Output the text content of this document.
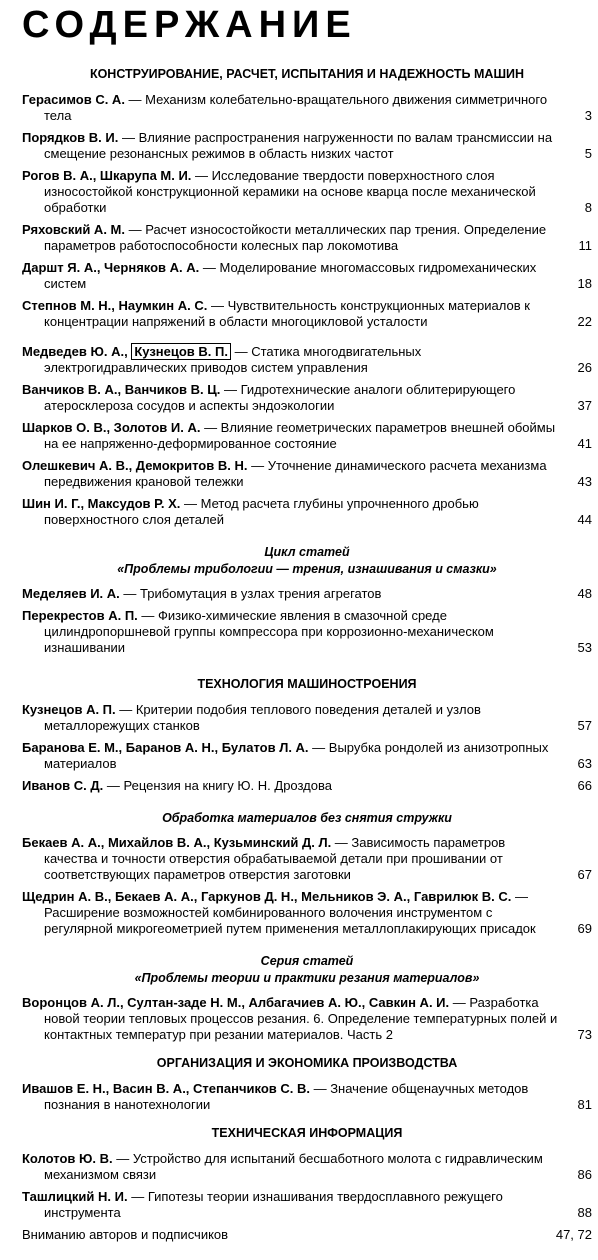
СОДЕРЖАНИЕ
КОНСТРУИРОВАНИЕ, РАСЧЕТ, ИСПЫТАНИЯ И НАДЕЖНОСТЬ МАШИН
Герасимов С. А. — Механизм колебательно-вращательного движения симметричного тела	3
Порядков В. И. — Влияние распространения нагруженности по валам трансмиссии на смещение резонансных режимов в область низких частот	5
Рогов В. А., Шкарупа М. И. — Исследование твердости поверхностного слоя износостойкой конструкционной керамики на основе кварца после механической обработки	8
Ряховский А. М. — Расчет износостойкости металлических пар трения. Определение параметров работоспособности колесных пар локомотива	11
Даршт Я. А., Черняков А. А. — Моделирование многомассовых гидромеханических систем	18
Степнов М. Н., Наумкин А. С. — Чувствительность конструкционных материалов к концентрации напряжений в области многоцикловой усталости	22
Медведев Ю. А., Кузнецов В. П. — Статика многодвигательных электрогидравлических приводов систем управления	26
Ванчиков В. А., Ванчиков В. Ц. — Гидротехнические аналоги облитерирующего атеросклероза сосудов и аспекты эндоэкологии	37
Шарков О. В., Золотов И. А. — Влияние геометрических параметров внешней обоймы на ее напряженно-деформированное состояние	41
Олешкевич А. В., Демокритов В. Н. — Уточнение динамического расчета механизма передвижения крановой тележки	43
Шин И. Г., Максудов Р. Х. — Метод расчета глубины упрочненного дробью поверхностного слоя деталей	44
Цикл статей
«Проблемы трибологии — трения, изнашивания и смазки»
Меделяев И. А. — Трибомутация в узлах трения агрегатов	48
Перекрестов А. П. — Физико-химические явления в смазочной среде цилиндропоршневой группы компрессора при коррозионно-механическом изнашивании	53
ТЕХНОЛОГИЯ МАШИНОСТРОЕНИЯ
Кузнецов А. П. — Критерии подобия теплового поведения деталей и узлов металлорежущих станков	57
Баранова Е. М., Баранов А. Н., Булатов Л. А. — Вырубка рондолей из анизотропных материалов	63
Иванов С. Д. — Рецензия на книгу Ю. Н. Дроздова	66
Обработка материалов без снятия стружки
Бекаев А. А., Михайлов В. А., Кузьминский Д. Л. — Зависимость параметров качества и точности отверстия обрабатываемой детали при прошивании от соответствующих параметров отверстия заготовки	67
Щедрин А. В., Бекаев А. А., Гаркунов Д. Н., Мельников Э. А., Гаврилюк В. С. — Расширение возможностей комбинированного волочения инструментом с регулярной микрогеометрией путем применения металлоплакирующих присадок	69
Серия статей
«Проблемы теории и практики резания материалов»
Воронцов А. Л., Султан-заде Н. М., Албагачиев А. Ю., Савкин А. И. — Разработка новой теории тепловых процессов резания. 6. Определение температурных полей и контактных температур при резании материалов. Часть 2	73
ОРГАНИЗАЦИЯ И ЭКОНОМИКА ПРОИЗВОДСТВА
Ивашов Е. Н., Васин В. А., Степанчиков С. В. — Значение общенаучных методов познания в нанотехнологии	81
ТЕХНИЧЕСКАЯ ИНФОРМАЦИЯ
Колотов Ю. В. — Устройство для испытаний бесшаботного молота с гидравлическим механизмом связи	86
Ташлицкий Н. И. — Гипотезы теории изнашивания твердосплавного режущего инструмента	88
Вниманию авторов и подписчиков	47, 72
